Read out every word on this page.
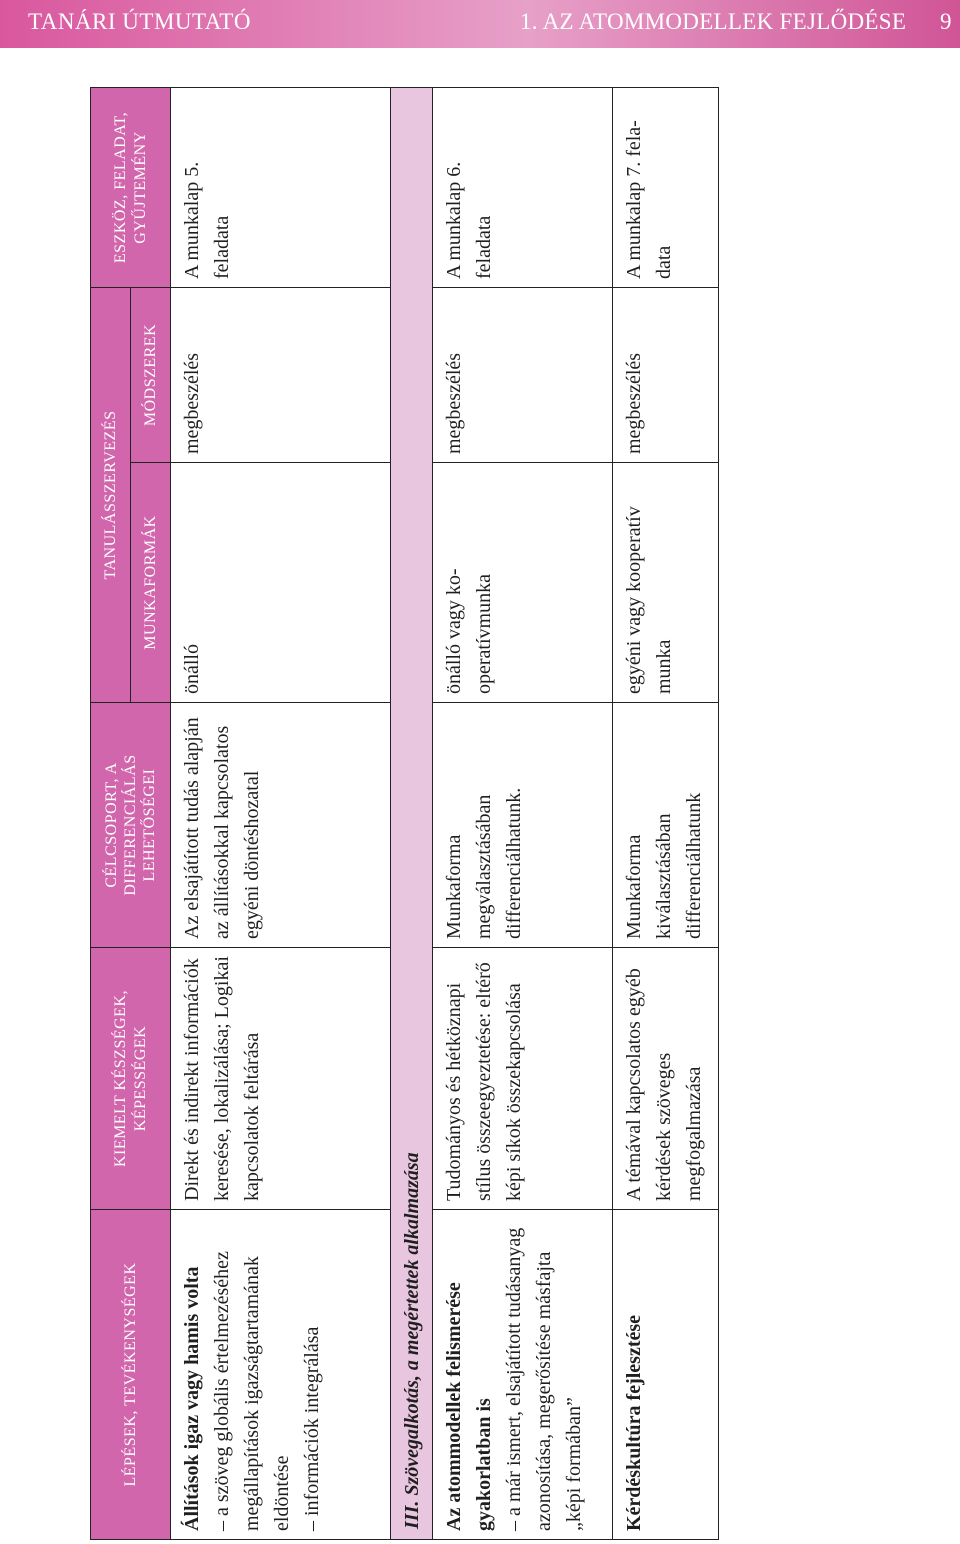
TANÁRI ÚTMUTATÓ	1. AZ ATOMMODELLEK FEJLŐDÉSE 9
LÉPÉSEK, TEVÉKENYSÉGEK	KIEMELT KÉSZSÉGEK, KÉPESSÉGEK	CÉLCSOPORT, A DIFFERENCIÁLÁS LEHETŐSÉGEI	TANULÁSSZERVEZÉS		ESZKÖZ, FELADAT, GYŰJTEMÉNY
			MUNKAFORMÁK	MÓDSZEREK	

Állítások igaz vagy hamis volta – a szöveg globális értelmezéséhez megállapítások igazságtartamának eldöntése – információk integrálása	Direkt és indirekt információk keresése, lokalizálása; Logikai kapcsolatok feltárása	Az elsajátított tudás alapján az állításokkal kapcsolatos egyéni döntéshozatal	önálló	megbeszélés	A munkalap 5. feladata
III. Szövegalkotás, a megértettek alkalmazása					

Az atommodellek felismerése gyakorlatban is – a már ismert, elsajátított tudásanyag azonosítása, megerősítése másfajta „képi formában”	Tudományos és hétköznapi stílus összeegyeztetése: eltérő képi síkok összekapcsolása	Munkaforma megválasztásában differenciálhatunk.	önálló vagy kooperatívmunka	megbeszélés	A munkalap 6. feladata

Kérdéskultúra fejlesztése	A témával kapcsolatos egyéb kérdések szöveges megfogalmazása	Munkaforma kiválasztásában differenciálhatunk	egyéni vagy kooperatív munka	megbeszélés	A munkalap 7. feladata
